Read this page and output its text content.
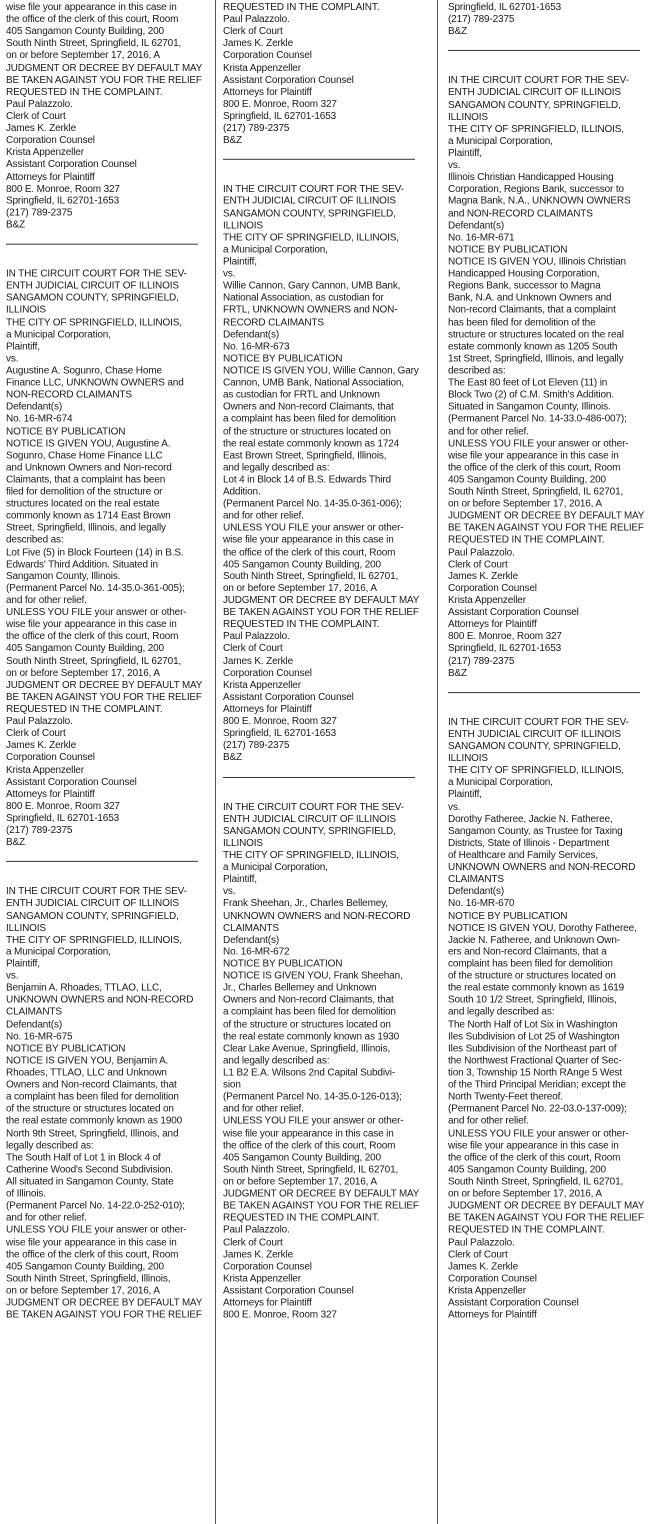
wise file your appearance in this case in
the office of the clerk of this court, Room
405 Sangamon County Building, 200
South Ninth Street, Springfield, IL 62701,
on or before September 17, 2016, A
JUDGMENT OR DECREE BY DEFAULT MAY
BE TAKEN AGAINST YOU FOR THE RELIEF
REQUESTED IN THE COMPLAINT.
Paul Palazzolo.
Clerk of Court
James K. Zerkle
Corporation Counsel
Krista Appenzeller
Assistant Corporation Counsel
Attorneys for Plaintiff
800 E. Monroe, Room 327
Springfield, IL 62701-1653
(217) 789-2375
B&Z
IN THE CIRCUIT COURT FOR THE SEV-
ENTH JUDICIAL CIRCUIT OF ILLINOIS
SANGAMON COUNTY, SPRINGFIELD,
ILLINOIS
THE CITY OF SPRINGFIELD, ILLINOIS,
a Municipal Corporation,
Plaintiff,
vs.
Augustine A. Sogunro, Chase Home
Finance LLC, UNKNOWN OWNERS and
NON-RECORD CLAIMANTS
Defendant(s)
No. 16-MR-674
NOTICE BY PUBLICATION
NOTICE IS GIVEN YOU, Augustine A.
Sogunro, Chase Home Finance LLC
and Unknown Owners and Non-record
Claimants, that a complaint has been
filed for demolition of the structure or
structures located on the real estate
commonly known as 1714 East Brown
Street, Springfield, Illinois, and legally
described as:
Lot Five (5) in Block Fourteen (14) in B.S.
Edwards' Third Addition. Situated in
Sangamon County, Illinois.
(Permanent Parcel No. 14-35.0-361-005);
and for other relief.
UNLESS YOU FILE your answer or other-
wise file your appearance in this case in
the office of the clerk of this court, Room
405 Sangamon County Building, 200
South Ninth Street, Springfield, IL 62701,
on or before September 17, 2016, A
JUDGMENT OR DECREE BY DEFAULT MAY
BE TAKEN AGAINST YOU FOR THE RELIEF
REQUESTED IN THE COMPLAINT.
Paul Palazzolo.
Clerk of Court
James K. Zerkle
Corporation Counsel
Krista Appenzeller
Assistant Corporation Counsel
Attorneys for Plaintiff
800 E. Monroe, Room 327
Springfield, IL 62701-1653
(217) 789-2375
B&Z
IN THE CIRCUIT COURT FOR THE SEV-
ENTH JUDICIAL CIRCUIT OF ILLINOIS
SANGAMON COUNTY, SPRINGFIELD,
ILLINOIS
THE CITY OF SPRINGFIELD, ILLINOIS,
a Municipal Corporation,
Plaintiff,
vs.
Benjamin A. Rhoades, TTLAO, LLC,
UNKNOWN OWNERS and NON-RECORD
CLAIMANTS
Defendant(s)
No. 16-MR-675
NOTICE BY PUBLICATION
NOTICE IS GIVEN YOU, Benjamin A.
Rhoades, TTLAO, LLC and Unknown
Owners and Non-record Claimants, that
a complaint has been filed for demolition
of the structure or structures located on
the real estate commonly known as 1900
North 9th Street, Springfield, Illinois, and
legally described as:
The South Half of Lot 1 in Block 4 of
Catherine Wood's Second Subdivision.
All situated in Sangamon County, State
of Illinois.
(Permanent Parcel No. 14-22.0-252-010);
and for other relief.
UNLESS YOU FILE your answer or other-
wise file your appearance in this case in
the office of the clerk of this court, Room
405 Sangamon County Building, 200
South Ninth Street, Springfield, Illinois,
on or before September 17, 2016, A
JUDGMENT OR DECREE BY DEFAULT MAY
BE TAKEN AGAINST YOU FOR THE RELIEF
REQUESTED IN THE COMPLAINT.
Paul Palazzolo.
Clerk of Court
James K. Zerkle
Corporation Counsel
Krista Appenzeller
Assistant Corporation Counsel
Attorneys for Plaintiff
800 E. Monroe, Room 327
Springfield, IL 62701-1653
(217) 789-2375
B&Z
IN THE CIRCUIT COURT FOR THE SEV-
ENTH JUDICIAL CIRCUIT OF ILLINOIS
SANGAMON COUNTY, SPRINGFIELD,
ILLINOIS
THE CITY OF SPRINGFIELD, ILLINOIS,
a Municipal Corporation,
Plaintiff,
vs.
Willie Cannon, Gary Cannon, UMB Bank,
National Association, as custodian for
FRTL, UNKNOWN OWNERS and NON-
RECORD CLAIMANTS
Defendant(s)
No. 16-MR-673
NOTICE BY PUBLICATION
NOTICE IS GIVEN YOU, Willie Cannon, Gary
Cannon, UMB Bank, National Association,
as custodian for FRTL and Unknown
Owners and Non-record Claimants, that
a complaint has been filed for demolition
of the structure or structures located on
the real estate commonly known as 1724
East Brown Street, Springfield, Illinois,
and legally described as:
Lot 4 in Block 14 of B.S. Edwards Third
Addition.
(Permanent Parcel No. 14-35.0-361-006);
and for other relief.
UNLESS YOU FILE your answer or other-
wise file your appearance in this case in
the office of the clerk of this court, Room
405 Sangamon County Building, 200
South Ninth Street, Springfield, IL 62701,
on or before September 17, 2016, A
JUDGMENT OR DECREE BY DEFAULT MAY
BE TAKEN AGAINST YOU FOR THE RELIEF
REQUESTED IN THE COMPLAINT.
Paul Palazzolo.
Clerk of Court
James K. Zerkle
Corporation Counsel
Krista Appenzeller
Assistant Corporation Counsel
Attorneys for Plaintiff
800 E. Monroe, Room 327
Springfield, IL 62701-1653
(217) 789-2375
B&Z
IN THE CIRCUIT COURT FOR THE SEV-
ENTH JUDICIAL CIRCUIT OF ILLINOIS
SANGAMON COUNTY, SPRINGFIELD,
ILLINOIS
THE CITY OF SPRINGFIELD, ILLINOIS,
a Municipal Corporation,
Plaintiff,
vs.
Frank Sheehan, Jr., Charles Bellemey,
UNKNOWN OWNERS and NON-RECORD
CLAIMANTS
Defendant(s)
No. 16-MR-672
NOTICE BY PUBLICATION
NOTICE IS GIVEN YOU, Frank Sheehan,
Jr., Charles Bellemey and Unknown
Owners and Non-record Claimants, that
a complaint has been filed for demolition
of the structure or structures located on
the real estate commonly known as 1930
Clear Lake Avenue, Springfield, Illinois,
and legally described as:
L1 B2 E.A. Wilsons 2nd Capital Subdivi-
sion
(Permanent Parcel No. 14-35.0-126-013);
and for other relief.
UNLESS YOU FILE your answer or other-
wise file your appearance in this case in
the office of the clerk of this court, Room
405 Sangamon County Building, 200
South Ninth Street, Springfield, IL 62701,
on or before September 17, 2016, A
JUDGMENT OR DECREE BY DEFAULT MAY
BE TAKEN AGAINST YOU FOR THE RELIEF
REQUESTED IN THE COMPLAINT.
Paul Palazzolo.
Clerk of Court
James K. Zerkle
Corporation Counsel
Krista Appenzeller
Assistant Corporation Counsel
Attorneys for Plaintiff
800 E. Monroe, Room 327
Springfield, IL 62701-1653
(217) 789-2375
B&Z
IN THE CIRCUIT COURT FOR THE SEV-
ENTH JUDICIAL CIRCUIT OF ILLINOIS
SANGAMON COUNTY, SPRINGFIELD,
ILLINOIS
THE CITY OF SPRINGFIELD, ILLINOIS,
a Municipal Corporation,
Plaintiff,
vs.
Illinois Christian Handicapped Housing
Corporation, Regions Bank, successor to
Magna Bank, N.A., UNKNOWN OWNERS
and NON-RECORD CLAIMANTS
Defendant(s)
No. 16-MR-671
NOTICE BY PUBLICATION
NOTICE IS GIVEN YOU, Illinois Christian
Handicapped Housing Corporation,
Regions Bank, successor to Magna
Bank, N.A. and Unknown Owners and
Non-record Claimants, that a complaint
has been filed for demolition of the
structure or structures located on the real
estate commonly known as 1205 South
1st Street, Springfield, Illinois, and legally
described as:
The East 80 feet of Lot Eleven (11) in
Block Two (2) of C.M. Smith's Addition.
Situated in Sangamon County, Illinois.
(Permanent Parcel No. 14-33.0-486-007);
and for other relief.
UNLESS YOU FILE your answer or other-
wise file your appearance in this case in
the office of the clerk of this court, Room
405 Sangamon County Building, 200
South Ninth Street, Springfield, IL 62701,
on or before September 17, 2016, A
JUDGMENT OR DECREE BY DEFAULT MAY
BE TAKEN AGAINST YOU FOR THE RELIEF
REQUESTED IN THE COMPLAINT.
Paul Palazzolo.
Clerk of Court
James K. Zerkle
Corporation Counsel
Krista Appenzeller
Assistant Corporation Counsel
Attorneys for Plaintiff
800 E. Monroe, Room 327
Springfield, IL 62701-1653
(217) 789-2375
B&Z
IN THE CIRCUIT COURT FOR THE SEV-
ENTH JUDICIAL CIRCUIT OF ILLINOIS
SANGAMON COUNTY, SPRINGFIELD,
ILLINOIS
THE CITY OF SPRINGFIELD, ILLINOIS,
a Municipal Corporation,
Plaintiff,
vs.
Dorothy Fatheree, Jackie N. Fatheree,
Sangamon County, as Trustee for Taxing
Districts, State of Illinois - Department
of Healthcare and Family Services,
UNKNOWN OWNERS and NON-RECORD
CLAIMANTS
Defendant(s)
No. 16-MR-670
NOTICE BY PUBLICATION
NOTICE IS GIVEN YOU, Dorothy Fatheree,
Jackie N. Fatheree, and Unknown Own-
ers and Non-record Claimants, that a
complaint has been filed for demolition
of the structure or structures located on
the real estate commonly known as 1619
South 10 1/2 Street, Springfield, Illinois,
and legally described as:
The North Half of Lot Six in Washington
Iles Subdivision of Lot 25 of Washington
Iles Subdivision of the Northeast part of
the Northwest Fractional Quarter of Sec-
tion 3, Township 15 North RAnge 5 West
of the Third Principal Meridian; except the
North Twenty-Feet thereof.
(Permanent Parcel No. 22-03.0-137-009);
and for other relief.
UNLESS YOU FILE your answer or other-
wise file your appearance in this case in
the office of the clerk of this court, Room
405 Sangamon County Building, 200
South Ninth Street, Springfield, IL 62701,
on or before September 17, 2016, A
JUDGMENT OR DECREE BY DEFAULT MAY
BE TAKEN AGAINST YOU FOR THE RELIEF
REQUESTED IN THE COMPLAINT.
Paul Palazzolo.
Clerk of Court
James K. Zerkle
Corporation Counsel
Krista Appenzeller
Assistant Corporation Counsel
Attorneys for Plaintiff
